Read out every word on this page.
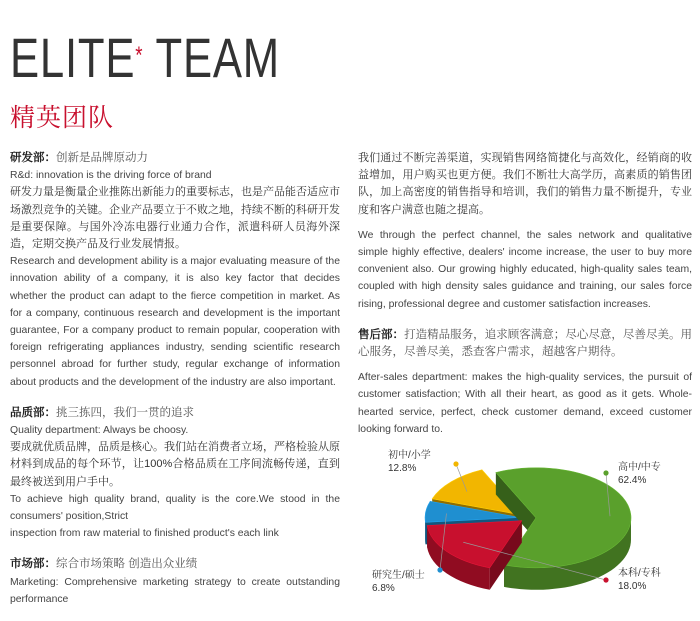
ELITE* TEAM
精英团队

研发部：创新是品牌原动力

R&d: innovation is the driving force of brand

研发力量是衡量企业推陈出新能力的重要标志，也是产品能否适应市场激烈竞争的关键。企业产品要立于不败之地，持续不断的科研开发是重要保障。与国外冷冻电器行业通力合作，派遣科研人员海外深造，定期交换产品及行业发展情报。

Research and development ability is a major evaluating measure of the innovation ability of a company, it is also key factor that decides whether the product can adapt to the fierce competition in market. As for a company, continuous research and development is the important guarantee, For a company product to remain popular, cooperation with foreign refrigerating appliances industry, sending scientific research personnel abroad for further study, regular exchange of information about products and the development of the industry are also important.

品质部：挑三拣四，我们一贯的追求

Quality department: Always be choosy.

要成就优质品牌，品质是核心。我们站在消费者立场，严格检验从原材料到成品的每个环节，让100%合格品质在工序间流畅传递，直到最终被送到用户手中。

To achieve high quality brand, quality is the core.We stood in the consumers' position,Strict

inspection from raw material to finished product's each link

市场部：综合市场策略 创造出众业绩

Marketing: Comprehensive marketing strategy to create outstanding performance

我们通过不断完善渠道，实现销售网络简捷化与高效化，经销商的收益增加，用户购买也更方便。我们不断壮大高学历，高素质的销售团队，加上高密度的销售指导和培训，我们的销售力量不断提升，专业度和客户满意也随之提高。

We through the perfect channel, the sales network and qualitative simple highly effective, dealers' income increase, the user to buy more convenient also. Our growing highly educated, high-quality sales team, coupled with high density sales guidance and training, our sales force rising, professional degree and customer satisfaction increases.

售后部：打造精品服务，追求顾客满意；尽心尽意，尽善尽美。用心服务，尽善尽美，悉查客户需求，超越客户期待。

After-sales department: makes the high-quality services, the pursuit of customer satisfaction; With all their heart, as good as it gets. Whole-hearted service, perfect, check customer demand, exceed customer looking forward to.

高中/中专
62.4%
本科/专科
18.0%
研究生/硕士
6.8%
初中/小学
12.8%
